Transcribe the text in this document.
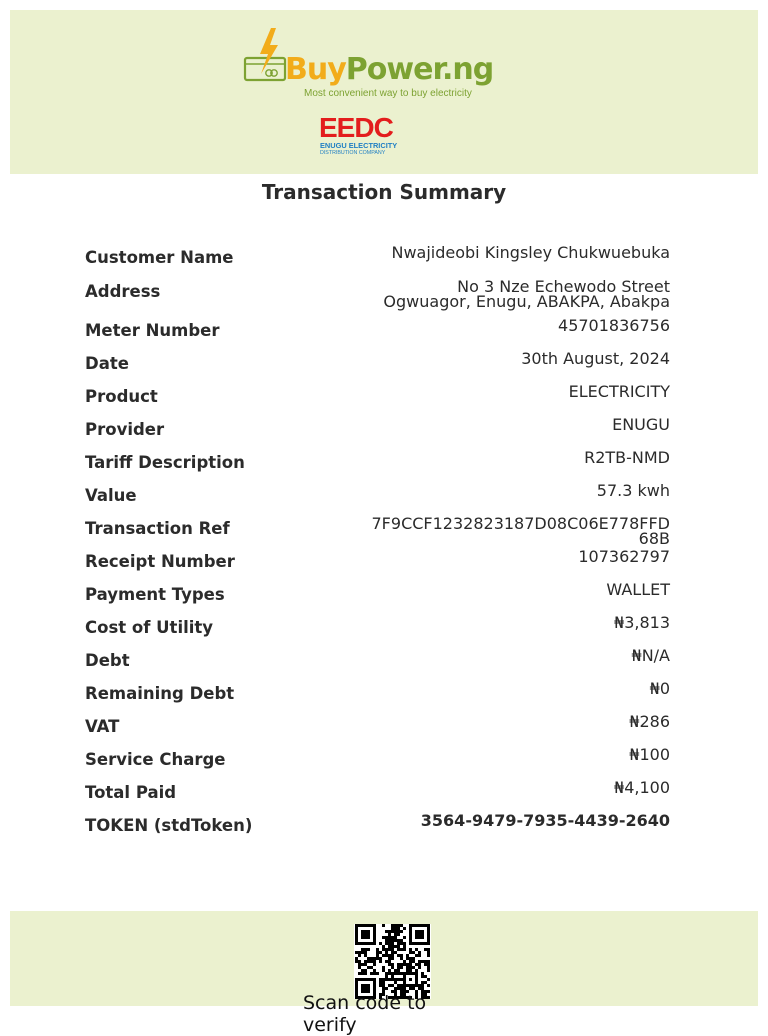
BuyPower.ng
Most convenient way to buy electricity
EEDC
ENUGU ELECTRICITY
DISTRIBUTION COMPANY
Transaction Summary
Customer Name	Nwajideobi Kingsley Chukwuebuka
Address	No 3 Nze Echewodo Street
Ogwuagor, Enugu, ABAKPA, Abakpa
Meter Number	45701836756
Date	30th August, 2024
Product	ELECTRICITY
Provider	ENUGU
Tariff Description	R2TB-NMD
Value	57.3 kwh
Transaction Ref	7F9CCF1232823187D08C06E778FFD
68B
Receipt Number	107362797
Payment Types	WALLET
Cost of Utility	₦3,813
Debt	₦N/A
Remaining Debt	₦0
VAT	₦286
Service Charge	₦100
Total Paid	₦4,100
TOKEN (stdToken)	3564-9479-7935-4439-2640
Scan code to verify
